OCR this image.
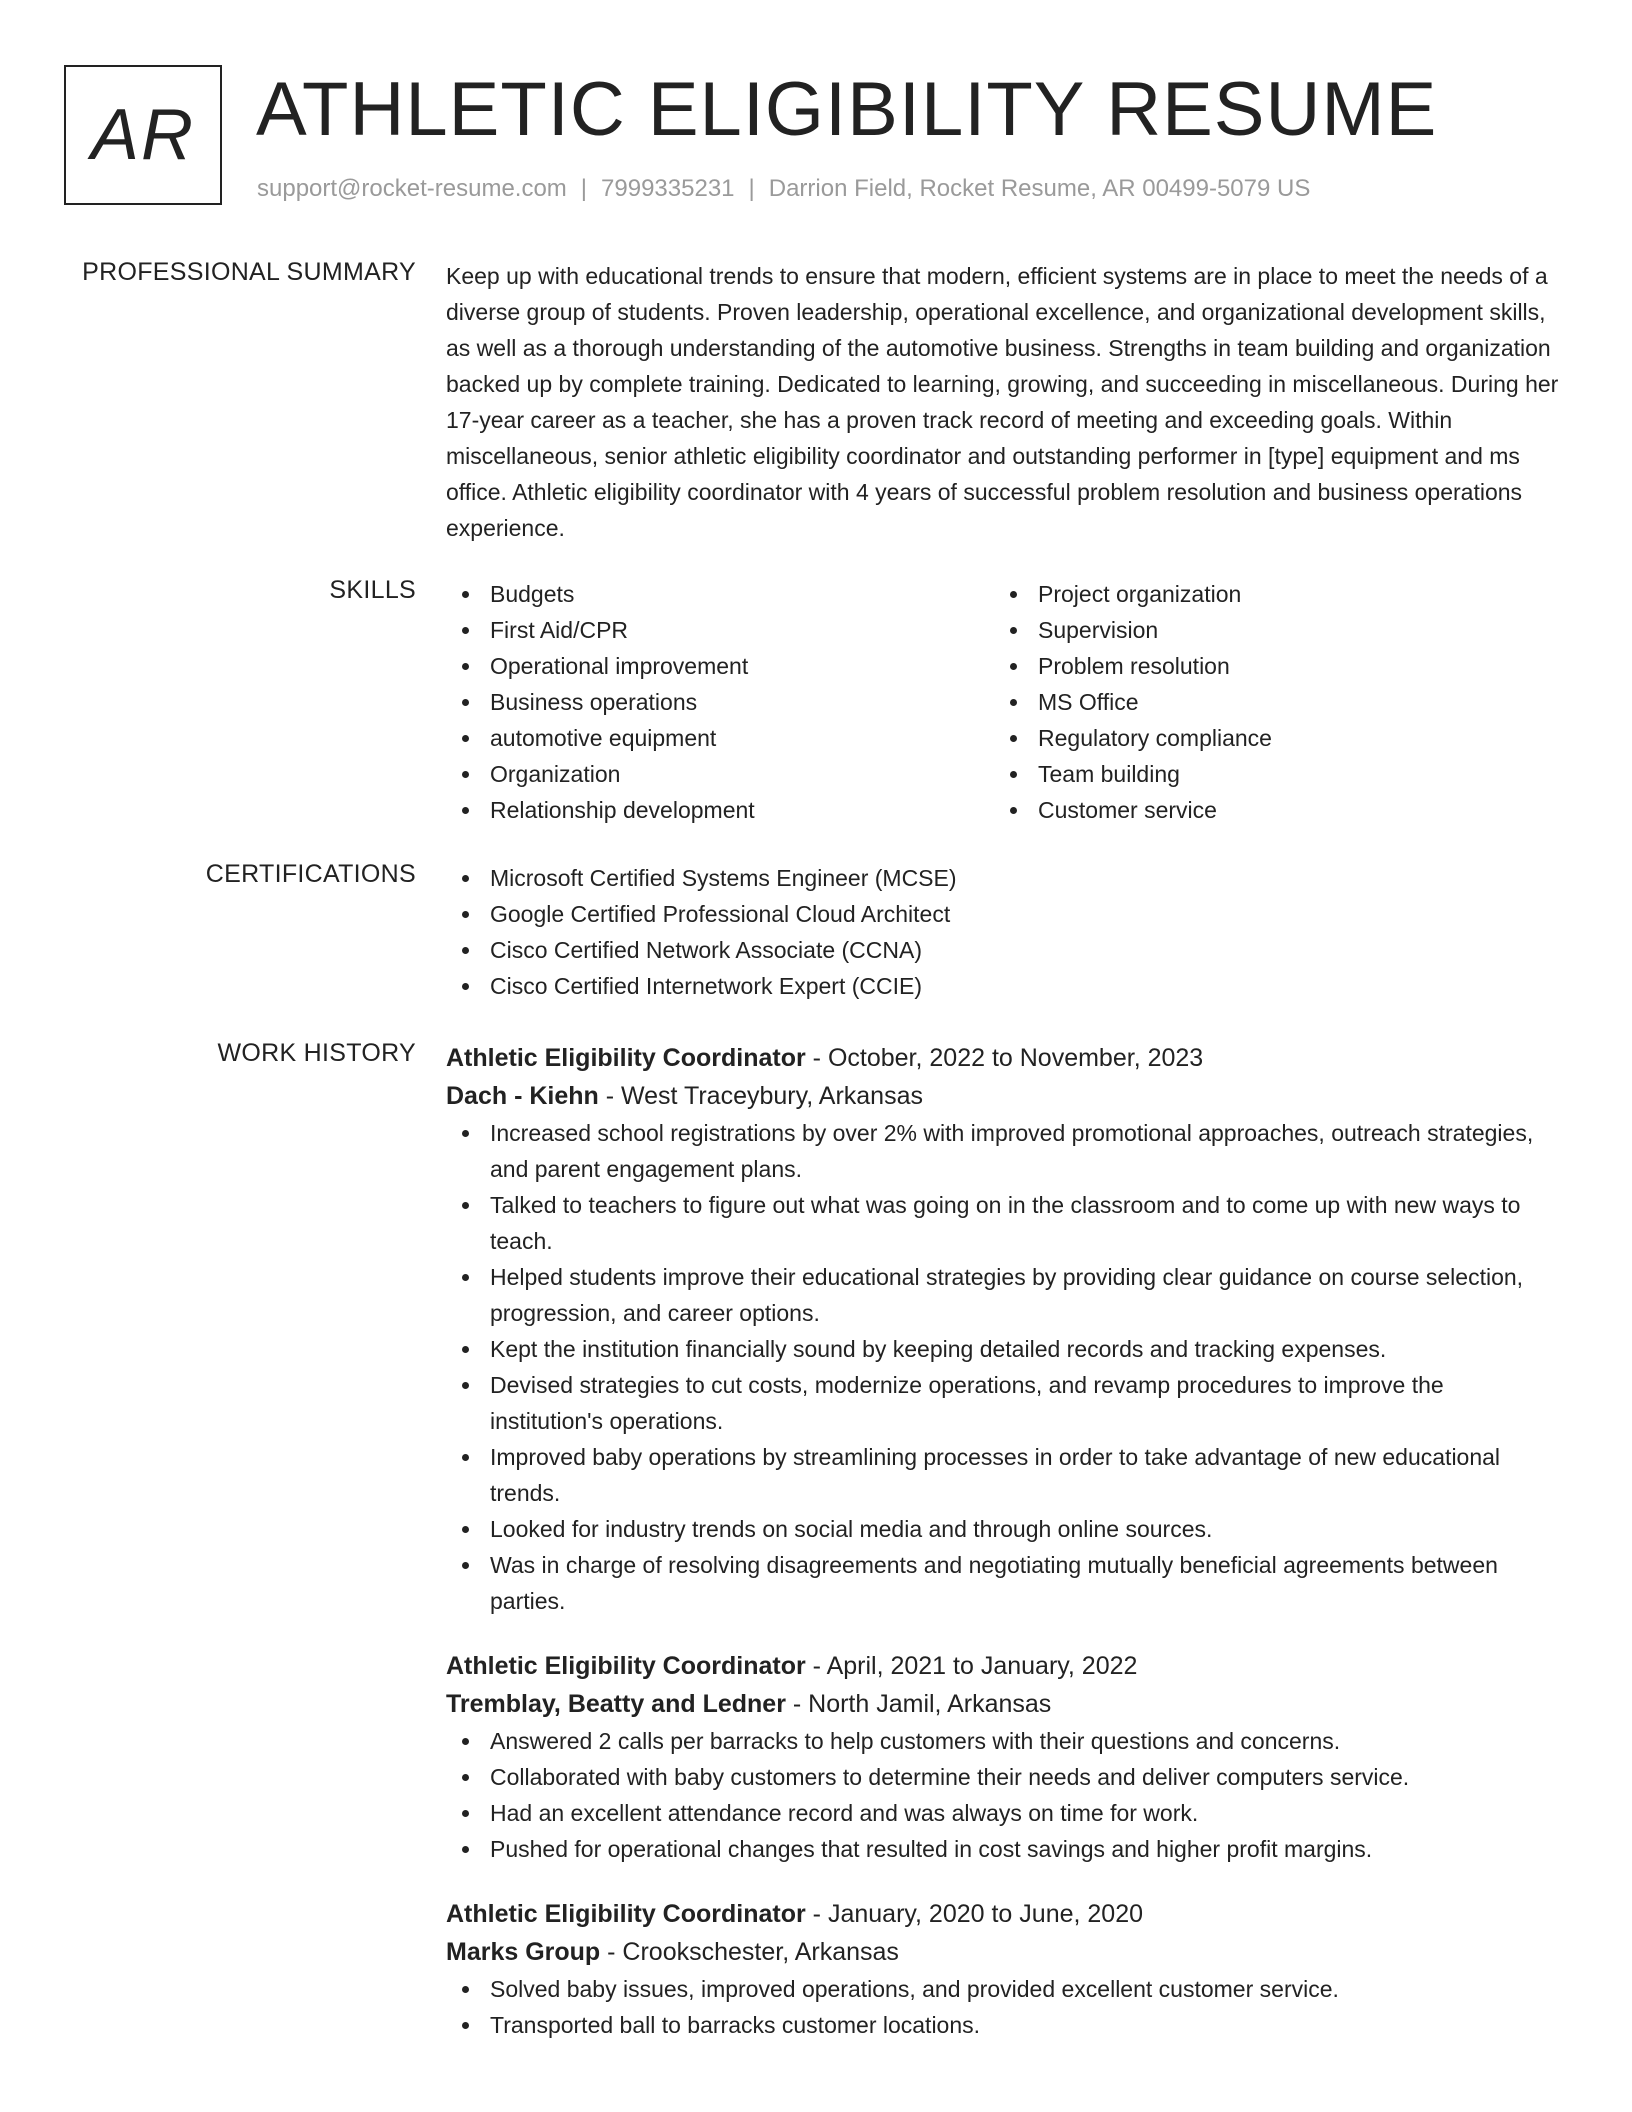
AR ATHLETIC ELIGIBILITY RESUME
support@rocket-resume.com | 7999335231 | Darrion Field, Rocket Resume, AR 00499-5079 US
PROFESSIONAL SUMMARY Keep up with educational trends to ensure that modern, efficient systems are in place to meet the needs of a diverse group of students. Proven leadership, operational excellence, and organizational development skills, as well as a thorough understanding of the automotive business. Strengths in team building and organization backed up by complete training. Dedicated to learning, growing, and succeeding in miscellaneous. During her 17-year career as a teacher, she has a proven track record of meeting and exceeding goals. Within miscellaneous, senior athletic eligibility coordinator and outstanding performer in [type] equipment and ms office. Athletic eligibility coordinator with 4 years of successful problem resolution and business operations experience.

SKILLS	Budgets
First Aid/CPR
Operational improvement
Business operations
automotive equipment
Organization
Relationship development
Project organization
Supervision
Problem resolution
MS Office
Regulatory compliance
Team building
Customer service
CERTIFICATIONS	Microsoft Certified Systems Engineer (MCSE)
Google Certified Professional Cloud Architect
Cisco Certified Network Associate (CCNA)
Cisco Certified Internetwork Expert (CCIE)
WORK HISTORY Athletic Eligibility Coordinator - October, 2022 to November, 2023
Dach - Kiehn - West Traceybury, Arkansas
Increased school registrations by over 2% with improved promotional approaches, outreach strategies, and parent engagement plans.
Talked to teachers to figure out what was going on in the classroom and to come up with new ways to teach.
Helped students improve their educational strategies by providing clear guidance on course selection, progression, and career options.
Kept the institution financially sound by keeping detailed records and tracking expenses.
Devised strategies to cut costs, modernize operations, and revamp procedures to improve the institution's operations.
Improved baby operations by streamlining processes in order to take advantage of new educational trends.
Looked for industry trends on social media and through online sources.
Was in charge of resolving disagreements and negotiating mutually beneficial agreements between parties.
Athletic Eligibility Coordinator - April, 2021 to January, 2022
Tremblay, Beatty and Ledner - North Jamil, Arkansas
Answered 2 calls per barracks to help customers with their questions and concerns.
Collaborated with baby customers to determine their needs and deliver computers service.
Had an excellent attendance record and was always on time for work.
Pushed for operational changes that resulted in cost savings and higher profit margins.
Athletic Eligibility Coordinator - January, 2020 to June, 2020
Marks Group - Crookschester, Arkansas
Solved baby issues, improved operations, and provided excellent customer service.
Transported ball to barracks customer locations.
